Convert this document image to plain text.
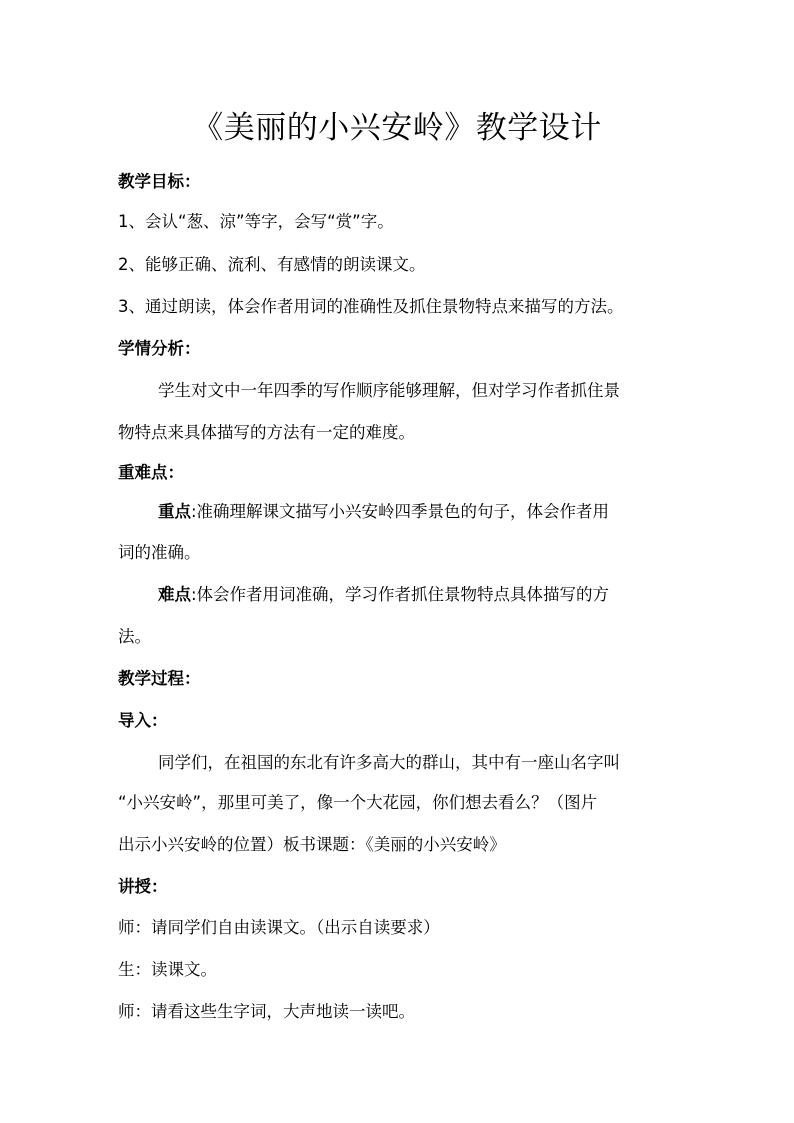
《美丽的小兴安岭》教学设计
教学目标：
1、会认“葱、涼”等字，会写“赏”字。
2、能够正确、流利、有感情的朗读课文。
3、通过朗读，体会作者用词的准确性及抓住景物特点来描写的方法。
学情分析：
学生对文中一年四季的写作顺序能够理解，但对学习作者抓住景
物特点来具体描写的方法有一定的难度。
重难点：
重点:准确理解课文描写小兴安岭四季景色的句子，体会作者用
词的准确。
难点:体会作者用词准确，学习作者抓住景物特点具体描写的方
法。
教学过程：
导入：
同学们，在祖国的东北有许多高大的群山，其中有一座山名字叫
“小兴安岭”，那里可美了，像一个大花园，你们想去看么？（图片
出示小兴安岭的位置）板书课题：《美丽的小兴安岭》
讲授：
师：请同学们自由读课文。（出示自读要求）
生：读课文。
师：请看这些生字词，大声地读一读吧。
